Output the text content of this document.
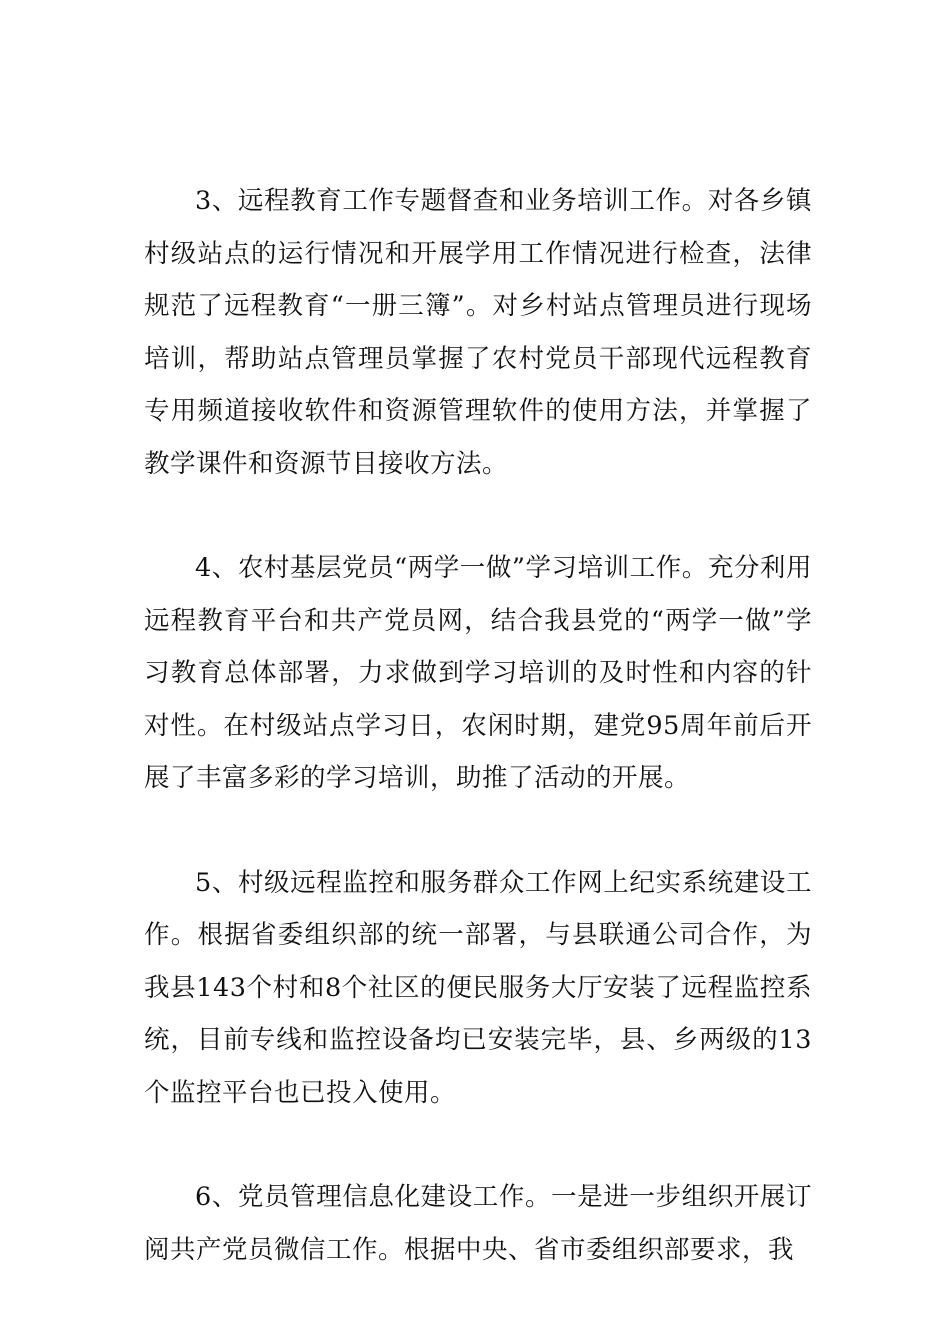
3、远程教育工作专题督查和业务培训工作。对各乡镇村级站点的运行情况和开展学用工作情况进行检查，法律规范了远程教育“一册三簿”。对乡村站点管理员进行现场培训，帮助站点管理员掌握了农村党员干部现代远程教育专用频道接收软件和资源管理软件的使用方法，并掌握了教学课件和资源节目接收方法。

4、农村基层党员“两学一做”学习培训工作。充分利用远程教育平台和共产党员网，结合我县党的“两学一做”学习教育总体部署，力求做到学习培训的及时性和内容的针对性。在村级站点学习日，农闲时期，建党95周年前后开展了丰富多彩的学习培训，助推了活动的开展。

5、村级远程监控和服务群众工作网上纪实系统建设工作。根据省委组织部的统一部署，与县联通公司合作，为我县143个村和8个社区的便民服务大厅安装了远程监控系统，目前专线和监控设备均已安装完毕，县、乡两级的13个监控平台也已投入使用。

6、党员管理信息化建设工作。一是进一步组织开展订阅共产党员微信工作。根据中央、省市委组织部要求，我
